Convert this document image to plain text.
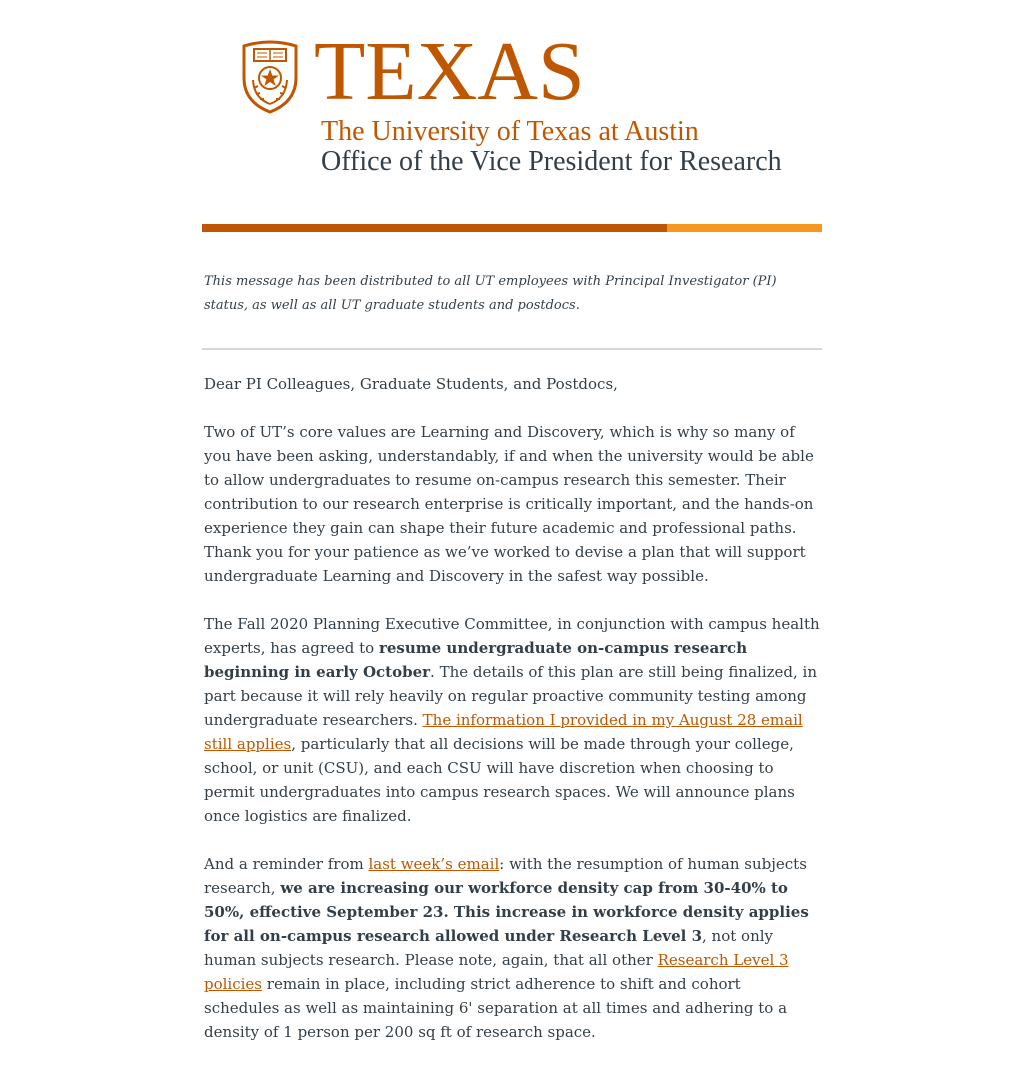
TEXAS
The University of Texas at Austin
Office of the Vice President for Research
This message has been distributed to all UT employees with Principal Investigator (PI) status, as well as all UT graduate students and postdocs.

Dear PI Colleagues, Graduate Students, and Postdocs,

Two of UT’s core values are Learning and Discovery, which is why so many of you have been asking, understandably, if and when the university would be able to allow undergraduates to resume on-campus research this semester. Their contribution to our research enterprise is critically important, and the hands-on experience they gain can shape their future academic and professional paths. Thank you for your patience as we’ve worked to devise a plan that will support undergraduate Learning and Discovery in the safest way possible.

The Fall 2020 Planning Executive Committee, in conjunction with campus health experts, has agreed to resume undergraduate on-campus research beginning in early October. The details of this plan are still being finalized, in part because it will rely heavily on regular proactive community testing among undergraduate researchers. The information I provided in my August 28 email still applies, particularly that all decisions will be made through your college, school, or unit (CSU), and each CSU will have discretion when choosing to permit undergraduates into campus research spaces. We will announce plans once logistics are finalized.

And a reminder from last week’s email: with the resumption of human subjects research, we are increasing our workforce density cap from 30-40% to 50%, effective September 23. This increase in workforce density applies for all on-campus research allowed under Research Level 3, not only human subjects research. Please note, again, that all other Research Level 3 policies remain in place, including strict adherence to shift and cohort schedules as well as maintaining 6' separation at all times and adhering to a density of 1 person per 200 sq ft of research space.
